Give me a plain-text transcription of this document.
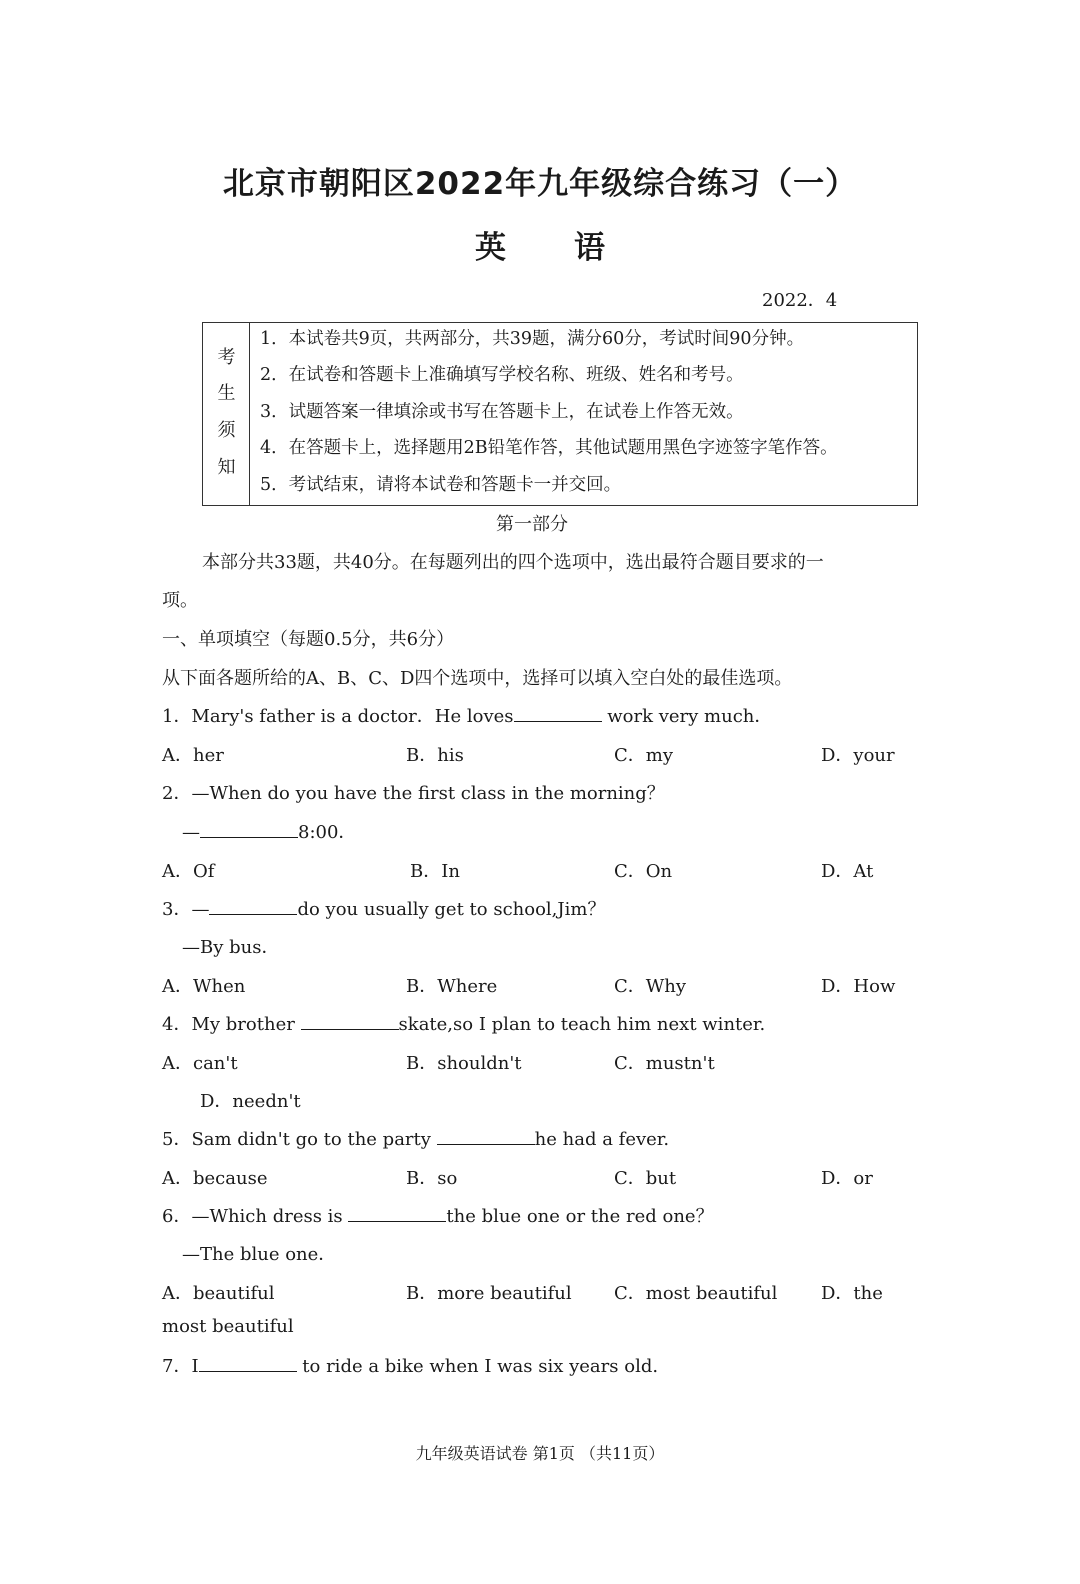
北京市朝阳区2022年九年级综合练习（一）
英 语
2022．4
考
生
须
知
1．本试卷共9页，共两部分，共39题，满分60分，考试时间90分钟。
2．在试卷和答题卡上准确填写学校名称、班级、姓名和考号。
3．试题答案一律填涂或书写在答题卡上，在试卷上作答无效。
4．在答题卡上，选择题用2B铅笔作答，其他试题用黑色字迹签字笔作答。
5．考试结束，请将本试卷和答题卡一并交回。
第一部分
本部分共33题，共40分。在每题列出的四个选项中，选出最符合题目要求的一
项。
一、单项填空（每题0.5分，共6分）
从下面各题所给的A、B、C、D四个选项中，选择可以填入空白处的最佳选项。
1．Mary's father is a doctor．He loves	work very much．
A．her	B．his	C．my	D．your
2．—When do you have the first class in the morning？
—	8:00．
A．Of	B．In	C．On	D．At
3．—	do you usually get to school,Jim？
—By bus．
A．When	B．Where	C．Why	D．How
4．My brother	skate,so I plan to teach him next winter.
A．can't	B．shouldn't	C．mustn't
D．needn't
5．Sam didn't go to the party	he had a fever.
A．because	B．so	C．but	D．or
6．—Which dress is	the blue one or the red one？
—The blue one．
A．beautiful	B．more beautiful C．most beautiful D．the
most beautiful
7．I	to ride a bike when I was six years old.
九年级英语试卷 第1页 （共11页）
